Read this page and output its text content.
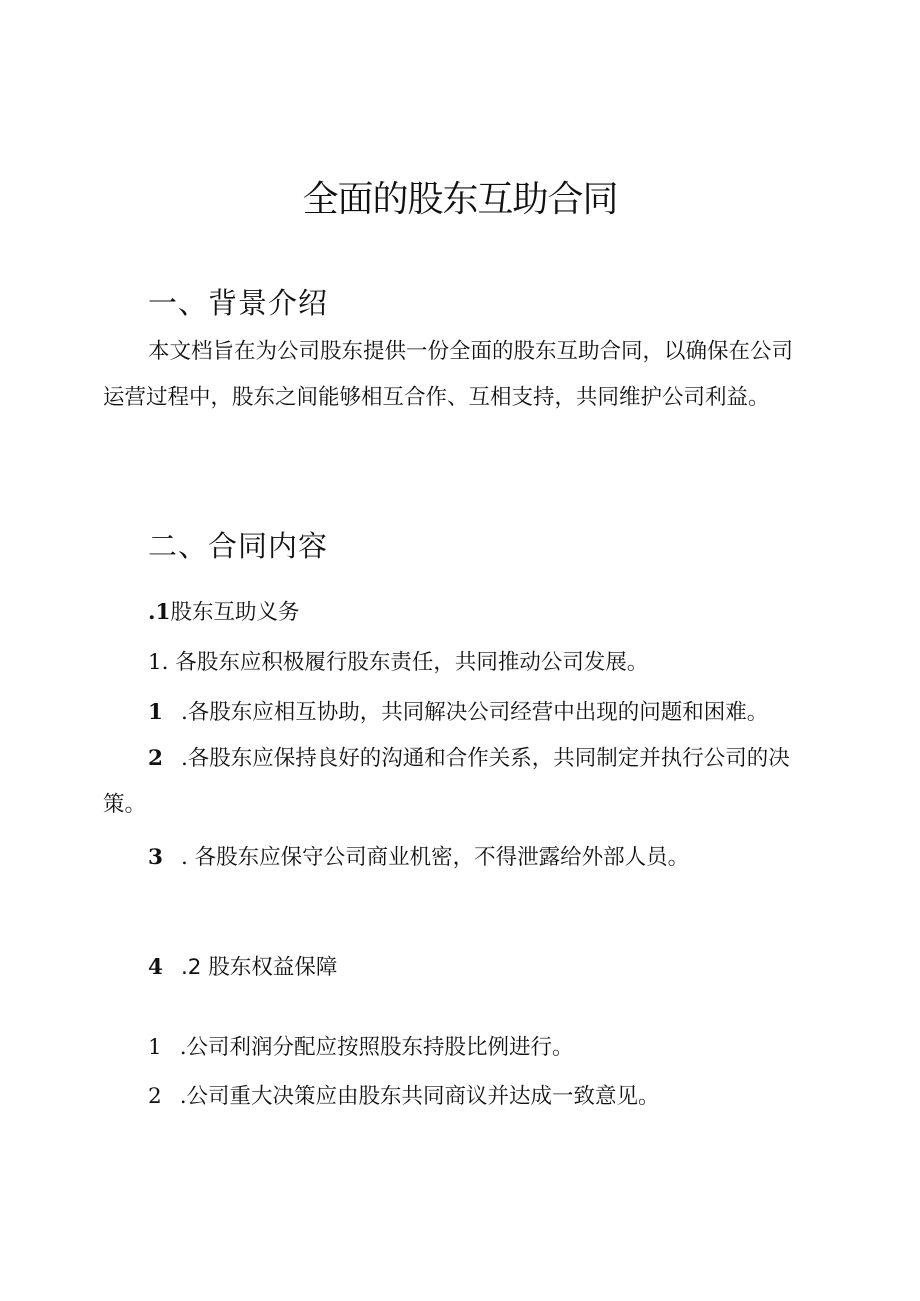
全面的股东互助合同
一、背景介绍

本文档旨在为公司股东提供一份全面的股东互助合同，以确保在公司运营过程中，股东之间能够相互合作、互相支持，共同维护公司利益。

二、合同内容
.1股东互助义务
1. 各股东应积极履行股东责任，共同推动公司发展。
1 .各股东应相互协助，共同解决公司经营中出现的问题和困难。
2 .各股东应保持良好的沟通和合作关系，共同制定并执行公司的决策。
3 . 各股东应保守公司商业机密，不得泄露给外部人员。
4 .2 股东权益保障
1 .公司利润分配应按照股东持股比例进行。
2 .公司重大决策应由股东共同商议并达成一致意见。
